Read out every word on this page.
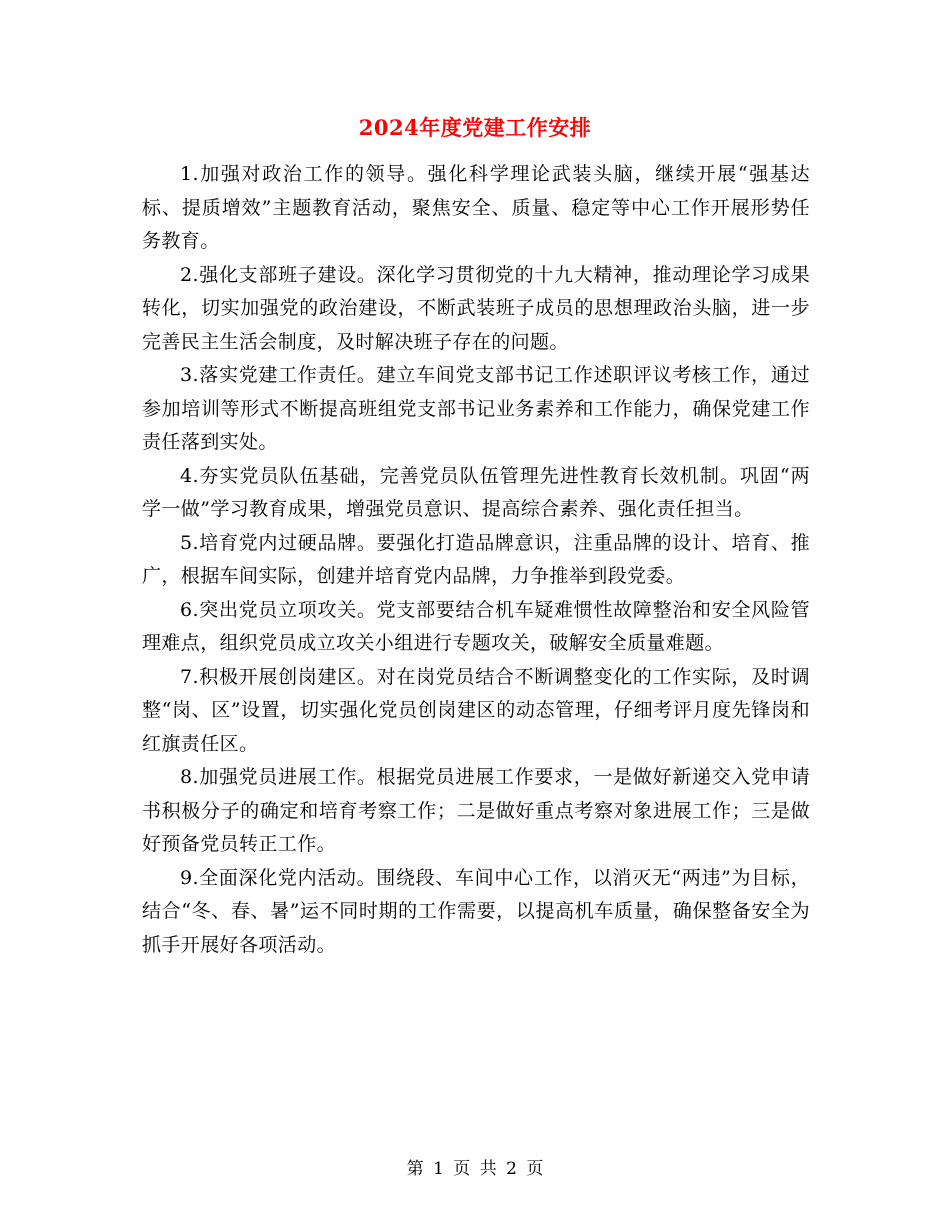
2024年度党建工作安排

1.加强对政治工作的领导。强化科学理论武装头脑，继续开展“强基达标、提质增效”主题教育活动，聚焦安全、质量、稳定等中心工作开展形势任务教育。

2.强化支部班子建设。深化学习贯彻党的十九大精神，推动理论学习成果转化，切实加强党的政治建设，不断武装班子成员的思想理政治头脑，进一步完善民主生活会制度，及时解决班子存在的问题。

3.落实党建工作责任。建立车间党支部书记工作述职评议考核工作，通过参加培训等形式不断提高班组党支部书记业务素养和工作能力，确保党建工作责任落到实处。

4.夯实党员队伍基础，完善党员队伍管理先进性教育长效机制。巩固“两学一做”学习教育成果，增强党员意识、提高综合素养、强化责任担当。

5.培育党内过硬品牌。要强化打造品牌意识，注重品牌的设计、培育、推广，根据车间实际，创建并培育党内品牌，力争推举到段党委。

6.突出党员立项攻关。党支部要结合机车疑难惯性故障整治和安全风险管理难点，组织党员成立攻关小组进行专题攻关，破解安全质量难题。

7.积极开展创岗建区。对在岗党员结合不断调整变化的工作实际，及时调整“岗、区”设置，切实强化党员创岗建区的动态管理，仔细考评月度先锋岗和红旗责任区。

8.加强党员进展工作。根据党员进展工作要求，一是做好新递交入党申请书积极分子的确定和培育考察工作；二是做好重点考察对象进展工作；三是做好预备党员转正工作。

9.全面深化党内活动。围绕段、车间中心工作，以消灭无“两违”为目标，结合“冬、春、暑”运不同时期的工作需要，以提高机车质量，确保整备安全为抓手开展好各项活动。

第 1 页 共 2 页
